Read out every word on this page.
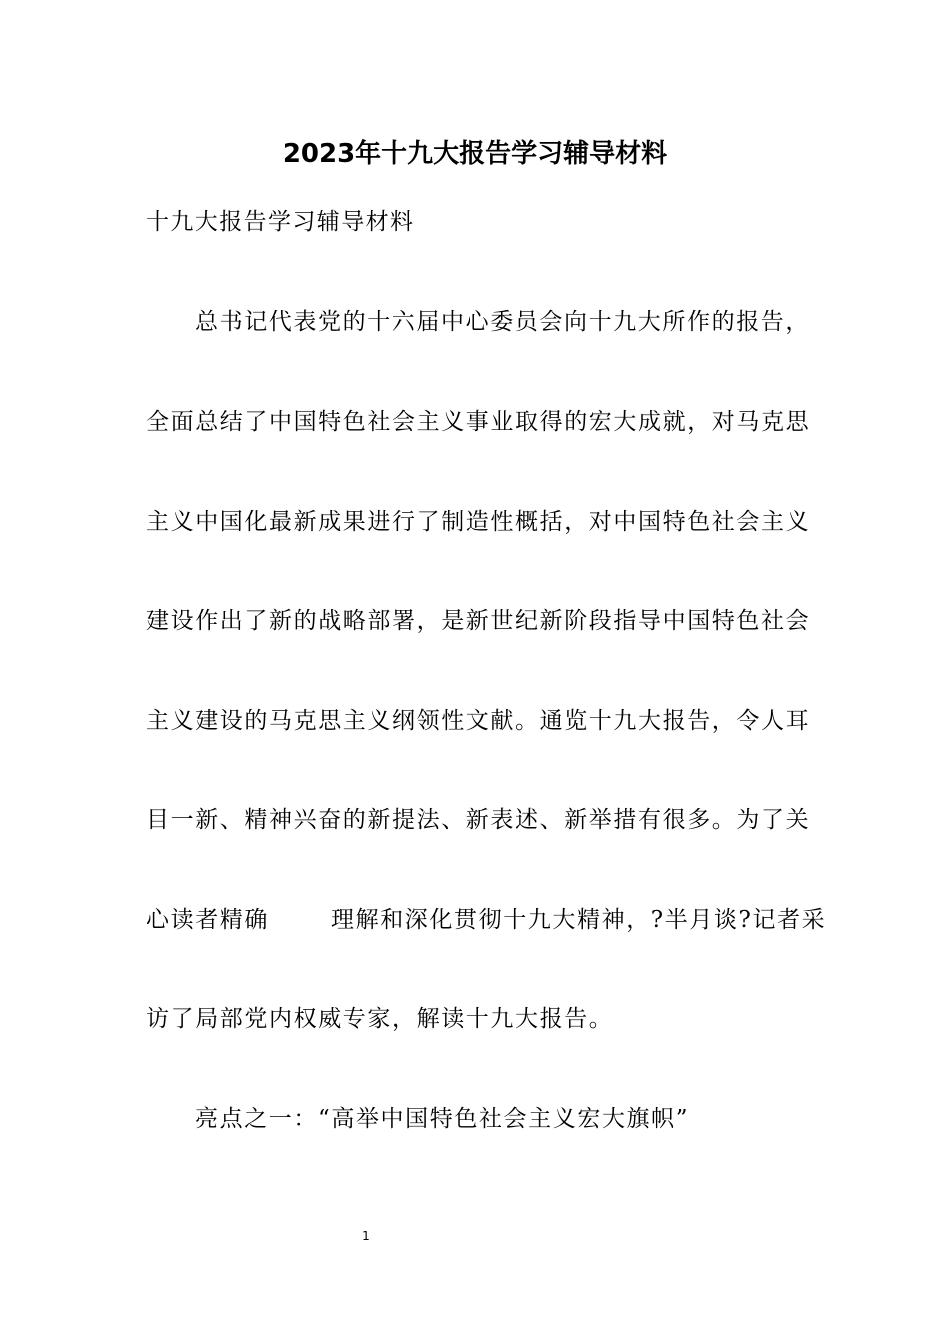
2023年十九大报告学习辅导材料
十九大报告学习辅导材料
总书记代表党的十六届中心委员会向十九大所作的报告，
全面总结了中国特色社会主义事业取得的宏大成就，对马克思
主义中国化最新成果进行了制造性概括，对中国特色社会主义
建设作出了新的战略部署，是新世纪新阶段指导中国特色社会
主义建设的马克思主义纲领性文献。通览十九大报告，令人耳
目一新、精神兴奋的新提法、新表述、新举措有很多。为了关
心读者精确	理解和深化贯彻十九大精神，?半月谈?记者采
访了局部党内权威专家，解读十九大报告。
亮点之一：“高举中国特色社会主义宏大旗帜”
1
